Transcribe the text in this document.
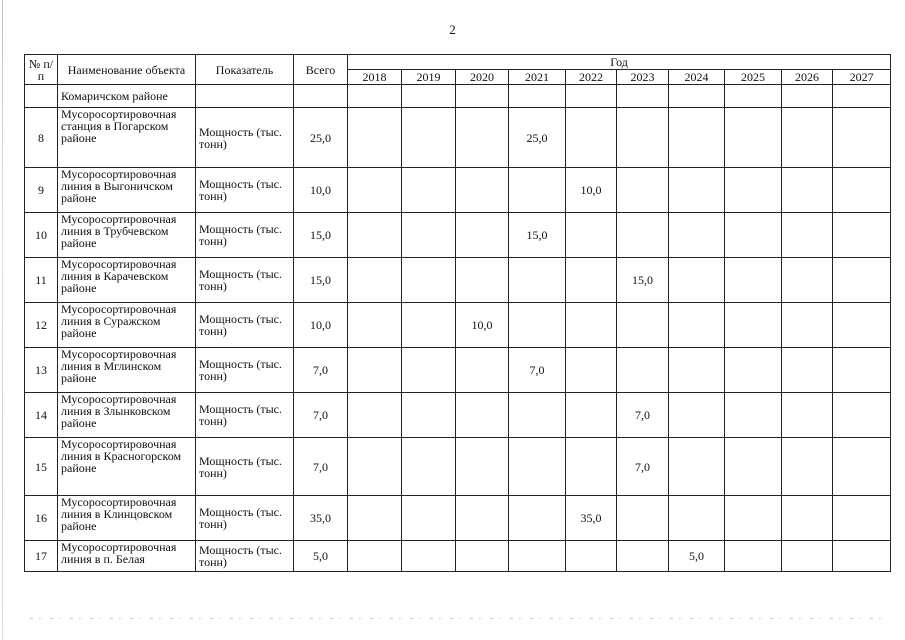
2
№ п/п	Наименование объекта	Показатель	Всего	Год									
				2018	2019	2020	2021	2022	2023	2024	2025	2026	2027
	Комаричском районе												
8	Мусоросортировочная станция в Погарском районе	Мощность (тыс. тонн)	25,0				25,0						
9	Мусоросортировочная линия в Выгоничском районе	Мощность (тыс. тонн)	10,0					10,0					
10	Мусоросортировочная линия в Трубчевском районе	Мощность (тыс. тонн)	15,0				15,0						
11	Мусоросортировочная линия в Карачевском районе	Мощность (тыс. тонн)	15,0						15,0				
12	Мусоросортировочная линия в Суражском районе	Мощность (тыс. тонн)	10,0			10,0							
13	Мусоросортировочная линия в Мглинском районе	Мощность (тыс. тонн)	7,0				7,0						
14	Мусоросортировочная линия в Злынковском районе	Мощность (тыс. тонн)	7,0						7,0				
15	Мусоросортировочная линия в Красногорском районе	Мощность (тыс. тонн)	7,0						7,0				
16	Мусоросортировочная линия в Клинцовском районе	Мощность (тыс. тонн)	35,0					35,0					
17	Мусоросортировочная линия в п. Белая	Мощность (тыс. тонн)	5,0							5,0			
